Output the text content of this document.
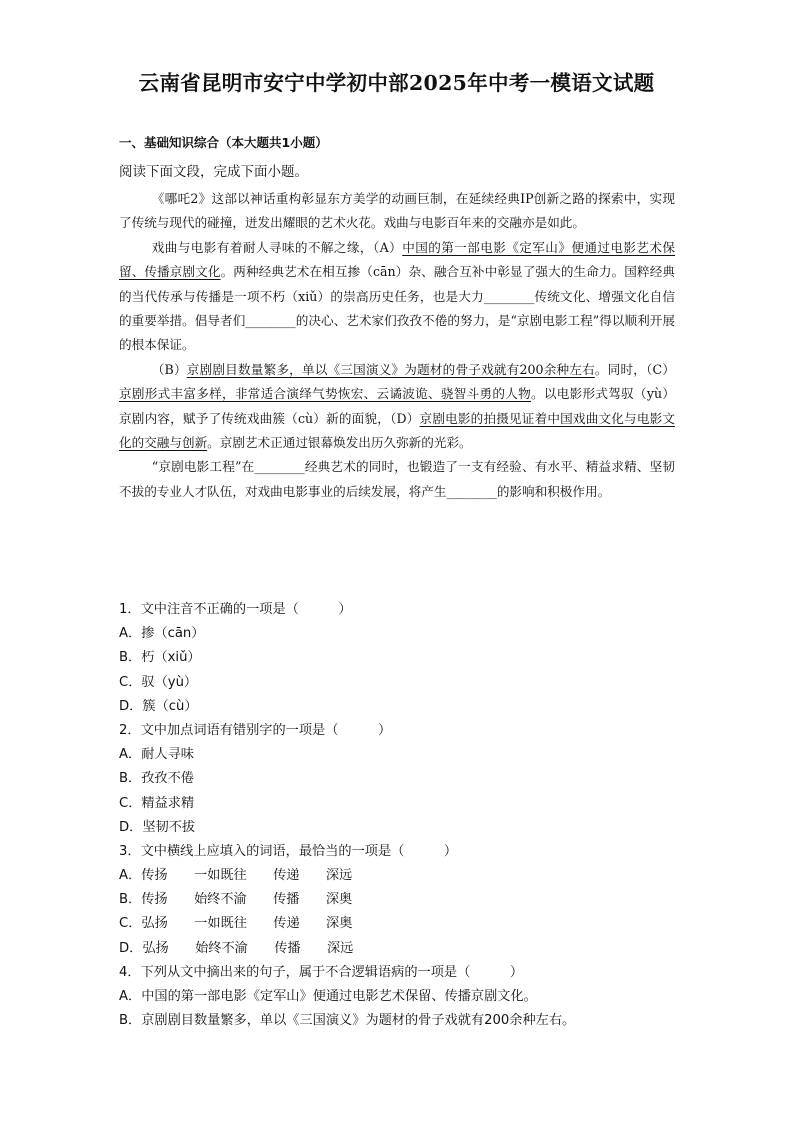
云南省昆明市安宁中学初中部2025年中考一模语文试题
一、基础知识综合（本大题共1小题）
阅读下面文段，完成下面小题。

《哪吒2》这部以神话重构彰显东方美学的动画巨制，在延续经典IP创新之路的探索中，实现了传统与现代的碰撞，迸发出耀眼的艺术火花。戏曲与电影百年来的交融亦是如此。

戏曲与电影有着耐人寻味的不解之缘，（A）中国的第一部电影《定军山》便通过电影艺术保留、传播京剧文化。两种经典艺术在相互掺（cān）杂、融合互补中彰显了强大的生命力。国粹经典的当代传承与传播是一项不朽（xiǔ）的崇高历史任务，也是大力________传统文化、增强文化自信的重要举措。倡导者们________的决心、艺术家们孜孜不倦的努力，是“京剧电影工程”得以顺利开展的根本保证。

（B）京剧剧目数量繁多，单以《三国演义》为题材的骨子戏就有200余种左右。同时，（C）京剧形式丰富多样，非常适合演绎气势恢宏、云谲波诡、骁智斗勇的人物。以电影形式驾驭（yù）京剧内容，赋予了传统戏曲簇（cù）新的面貌，（D）京剧电影的拍摄见证着中国戏曲文化与电影文化的交融与创新。京剧艺术正通过银幕焕发出历久弥新的光彩。

“京剧电影工程”在________经典艺术的同时，也锻造了一支有经验、有水平、精益求精、坚韧不拔的专业人才队伍，对戏曲电影事业的后续发展，将产生________的影响和积极作用。

1．文中注音不正确的一项是（　　　）
A．掺（cān）
B．朽（xiǔ）
C．驭（yù）
D．簇（cù）
2．文中加点词语有错别字的一项是（　　　）
A．耐人寻味
B．孜孜不倦
C．精益求精
D．坚韧不拔
3．文中横线上应填入的词语，最恰当的一项是（　　　）
A．传扬　　一如既往　　传递　　深远
B．传扬　　始终不渝　　传播　　深奥
C．弘扬　　一如既往　　传递　　深奥
D．弘扬　　始终不渝　　传播　　深远
4．下列从文中摘出来的句子，属于不合逻辑语病的一项是（　　　）
A．中国的第一部电影《定军山》便通过电影艺术保留、传播京剧文化。
B．京剧剧目数量繁多，单以《三国演义》为题材的骨子戏就有200余种左右。
